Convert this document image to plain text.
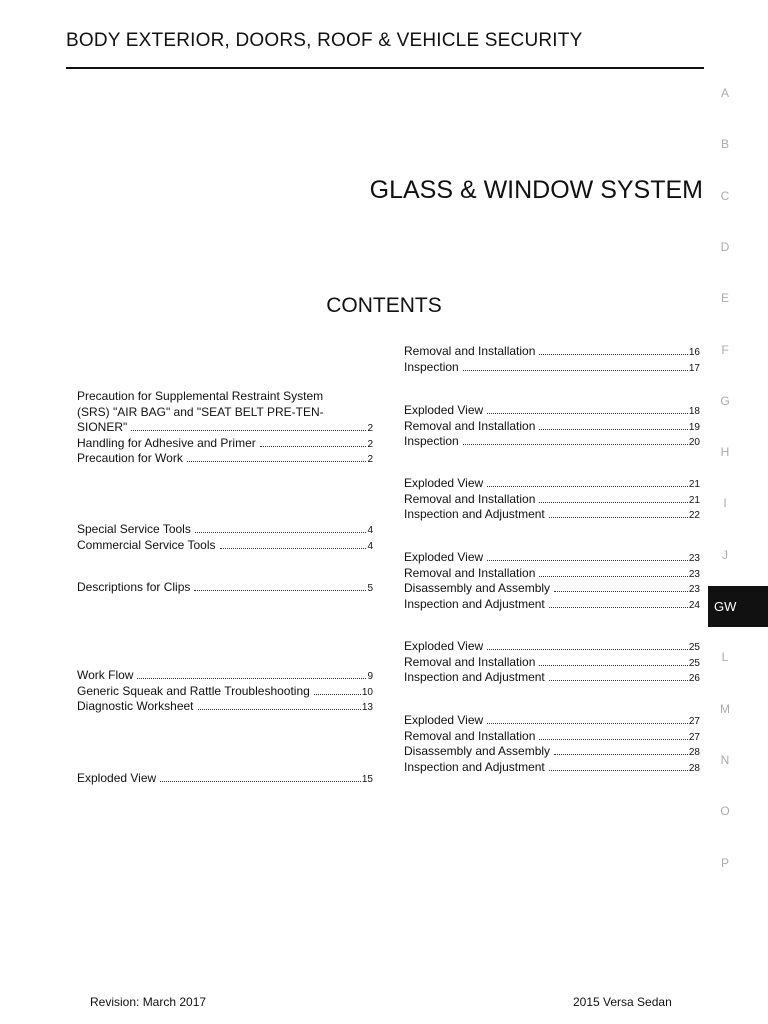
BODY EXTERIOR, DOORS, ROOF & VEHICLE SECURITY
GLASS & WINDOW SYSTEM
CONTENTS
Precaution for Supplemental Restraint System
(SRS) "AIR BAG" and "SEAT BELT PRE-TEN-
SIONER"	2
Handling for Adhesive and Primer	2
Precaution for Work	2
Special Service Tools	4
Commercial Service Tools	4
Descriptions for Clips	5
Work Flow	9
Generic Squeak and Rattle Troubleshooting	10
Diagnostic Worksheet	13
Exploded View	15
Removal and Installation	16
Inspection	17
Exploded View	18
Removal and Installation	19
Inspection	20
Exploded View	21
Removal and Installation	21
Inspection and Adjustment	22
Exploded View	23
Removal and Installation	23
Disassembly and Assembly	23
Inspection and Adjustment	24
Exploded View	25
Removal and Installation	25
Inspection and Adjustment	26
Exploded View	27
Removal and Installation	27
Disassembly and Assembly	28
Inspection and Adjustment	28
A
B
C
D
E
F
G
H
I
J
L
M
N
O
P
Revision: March 2017	2015 Versa Sedan
GW
